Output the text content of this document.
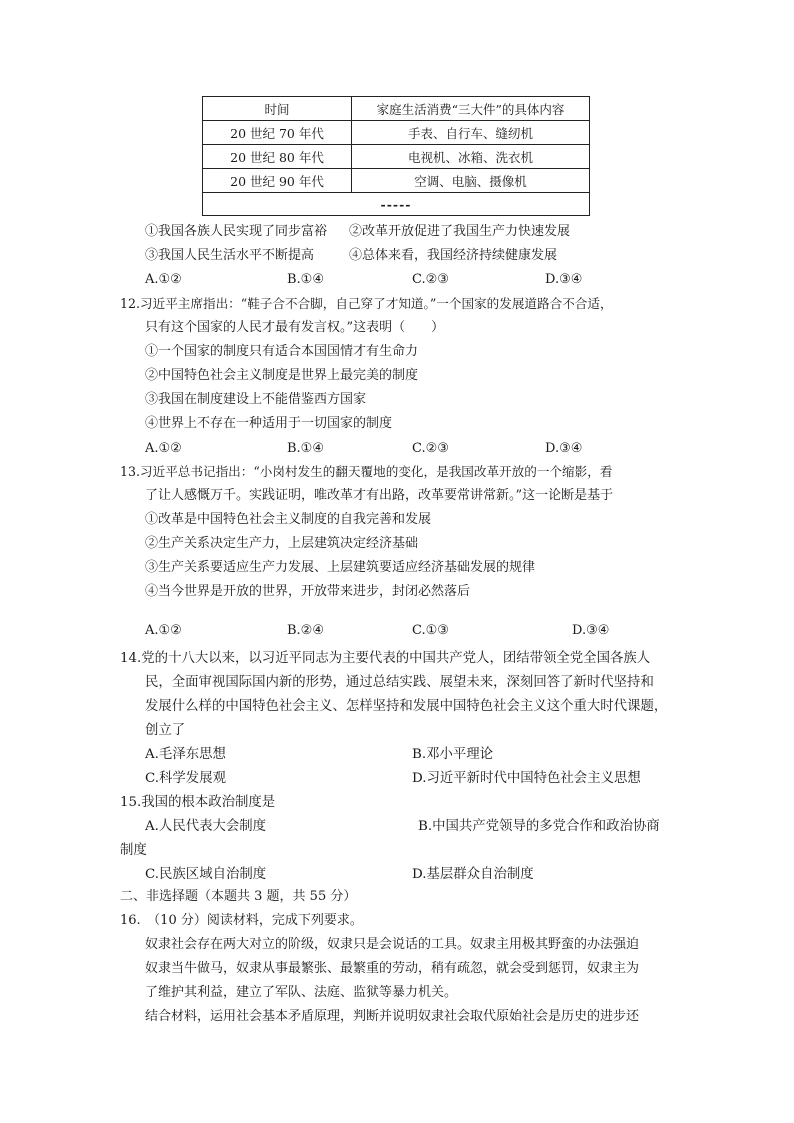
时间	家庭生活消费“三大件”的具体内容
20 世纪 70 年代	手表、自行车、缝纫机
20 世纪 80 年代	电视机、冰箱、洗衣机
20 世纪 90 年代	空调、电脑、摄像机
-----	
①我国各族人民实现了同步富裕 ②改革开放促进了我国生产力快速发展
③我国人民生活水平不断提高	④总体来看，我国经济持续健康发展
A.①②	B.①④	C.②③	D.③④
12.习近平主席指出：“鞋子合不合脚，自己穿了才知道。”一个国家的发展道路合不合适，
只有这个国家的人民才最有发言权。”这表明（　　）
①一个国家的制度只有适合本国国情才有生命力
②中国特色社会主义制度是世界上最完美的制度
③我国在制度建设上不能借鉴西方国家
④世界上不存在一种适用于一切国家的制度
A.①②	B.①④	C.②③	D.③④
13.习近平总书记指出：“小岗村发生的翻天覆地的变化，是我国改革开放的一个缩影，看
了让人感慨万千。实践证明，唯改革才有出路，改革要常讲常新。”这一论断是基于
①改革是中国特色社会主义制度的自我完善和发展
②生产关系决定生产力，上层建筑决定经济基础
③生产关系要适应生产力发展、上层建筑要适应经济基础发展的规律
④当今世界是开放的世界，开放带来进步，封闭必然落后
A.①②	B.②④	C.①③	D.③④
14.党的十八大以来，以习近平同志为主要代表的中国共产党人，团结带领全党全国各族人
民，全面审视国际国内新的形势，通过总结实践、展望未来，深刻回答了新时代坚持和
发展什么样的中国特色社会主义、怎样坚持和发展中国特色社会主义这个重大时代课题，
创立了
A.毛泽东思想	B.邓小平理论
C.科学发展观	D.习近平新时代中国特色社会主义思想
15.我国的根本政治制度是
A.人民代表大会制度	B.中国共产党领导的多党合作和政治协商
制度
C.民族区域自治制度	D.基层群众自治制度
二、非选择题（本题共 3 题，共 55 分）
16.　（10 分）阅读材料，完成下列要求。
奴隶社会存在两大对立的阶级，奴隶只是会说话的工具。奴隶主用极其野蛮的办法强迫
奴隶当牛做马，奴隶从事最繁张、最繁重的劳动，稍有疏忽，就会受到惩罚，奴隶主为
了维护其利益，建立了军队、法庭、监狱等暴力机关。
结合材料，运用社会基本矛盾原理，判断并说明奴隶社会取代原始社会是历史的进步还
